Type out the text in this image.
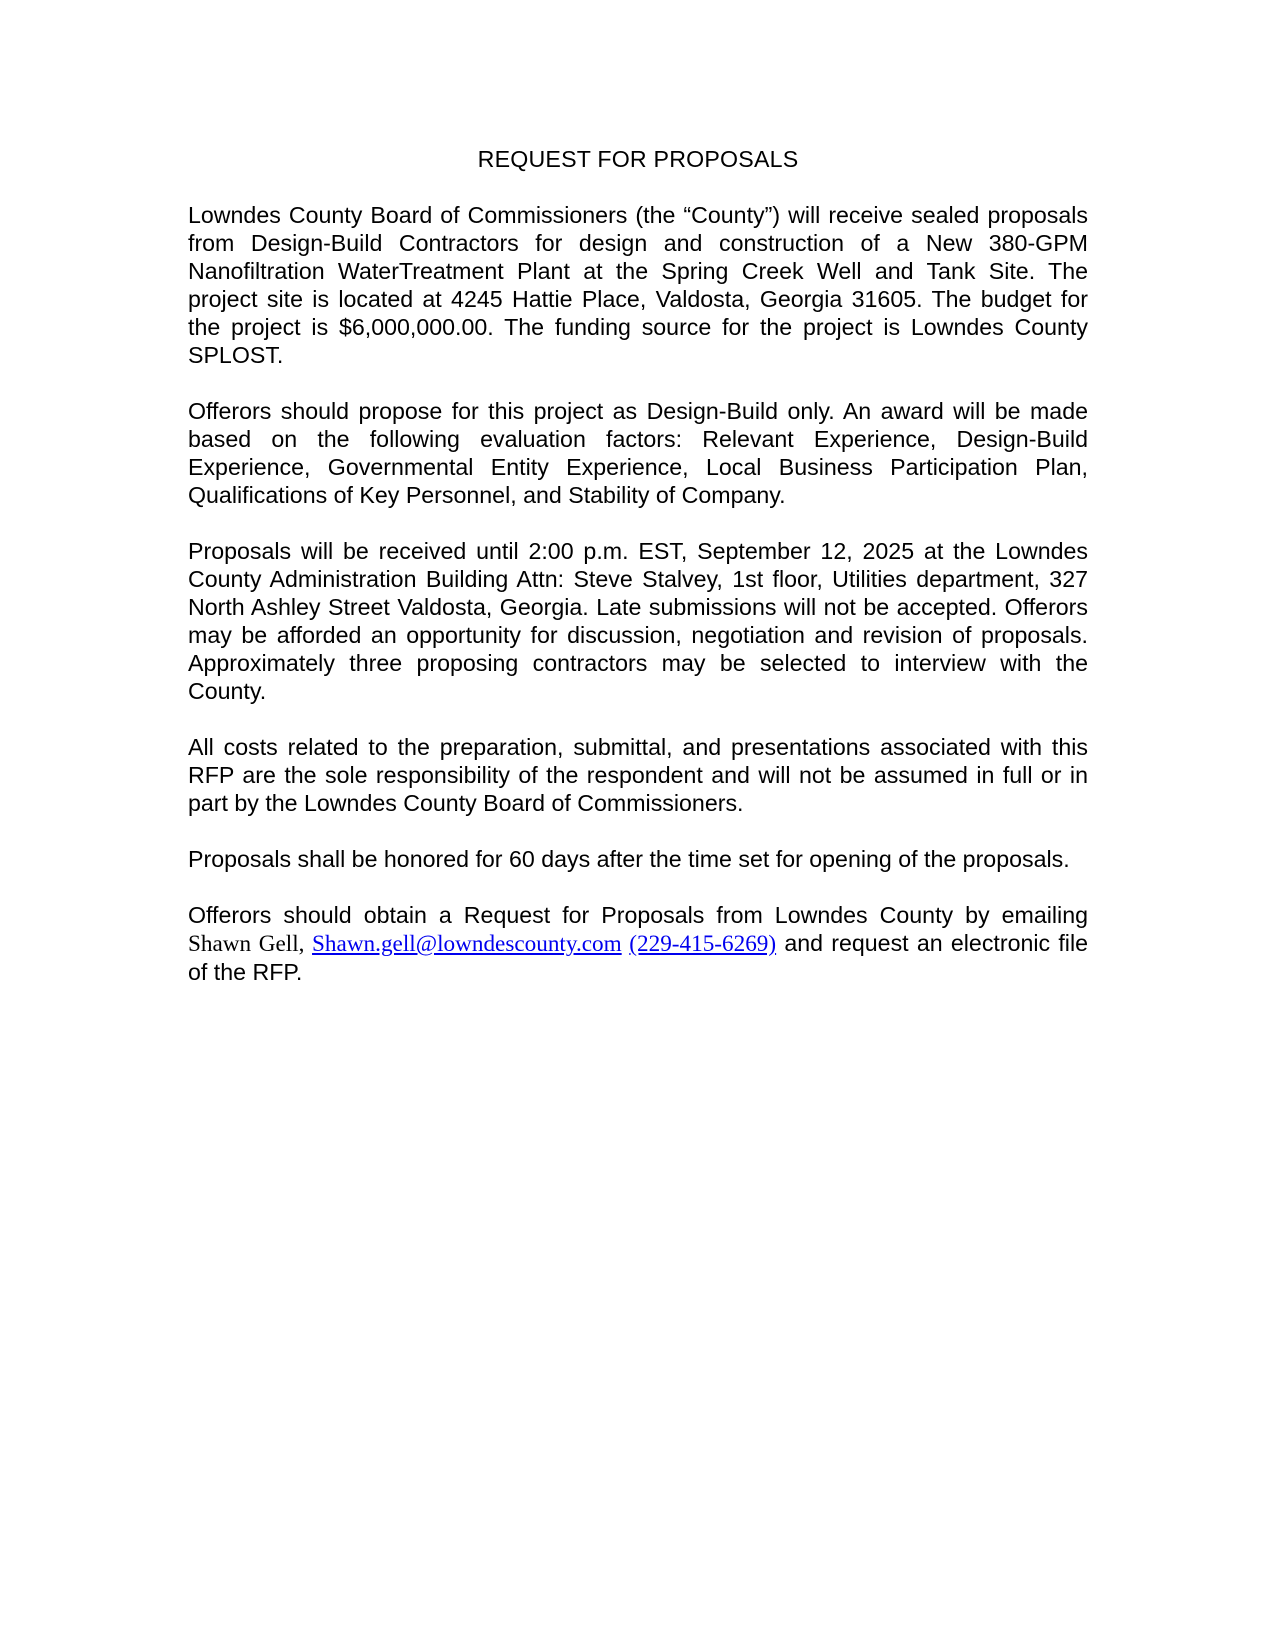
REQUEST FOR PROPOSALS

Lowndes County Board of Commissioners (the “County”) will receive sealed proposals from Design-Build Contractors for design and construction of a New 380-GPM Nanofiltration WaterTreatment Plant at the Spring Creek Well and Tank Site. The project site is located at 4245 Hattie Place, Valdosta, Georgia 31605. The budget for the project is $6,000,000.00. The funding source for the project is Lowndes County SPLOST.

Offerors should propose for this project as Design-Build only. An award will be made based on the following evaluation factors: Relevant Experience, Design-Build Experience, Governmental Entity Experience, Local Business Participation Plan, Qualifications of Key Personnel, and Stability of Company.

Proposals will be received until 2:00 p.m. EST, September 12, 2025 at the Lowndes County Administration Building Attn: Steve Stalvey, 1st floor, Utilities department, 327 North Ashley Street Valdosta, Georgia. Late submissions will not be accepted. Offerors may be afforded an opportunity for discussion, negotiation and revision of proposals. Approximately three proposing contractors may be selected to interview with the County.

All costs related to the preparation, submittal, and presentations associated with this RFP are the sole responsibility of the respondent and will not be assumed in full or in part by the Lowndes County Board of Commissioners.

Proposals shall be honored for 60 days after the time set for opening of the proposals.

Offerors should obtain a Request for Proposals from Lowndes County by emailing Shawn Gell, Shawn.gell@lowndescounty.com (229-415-6269) and request an electronic file of the RFP.
